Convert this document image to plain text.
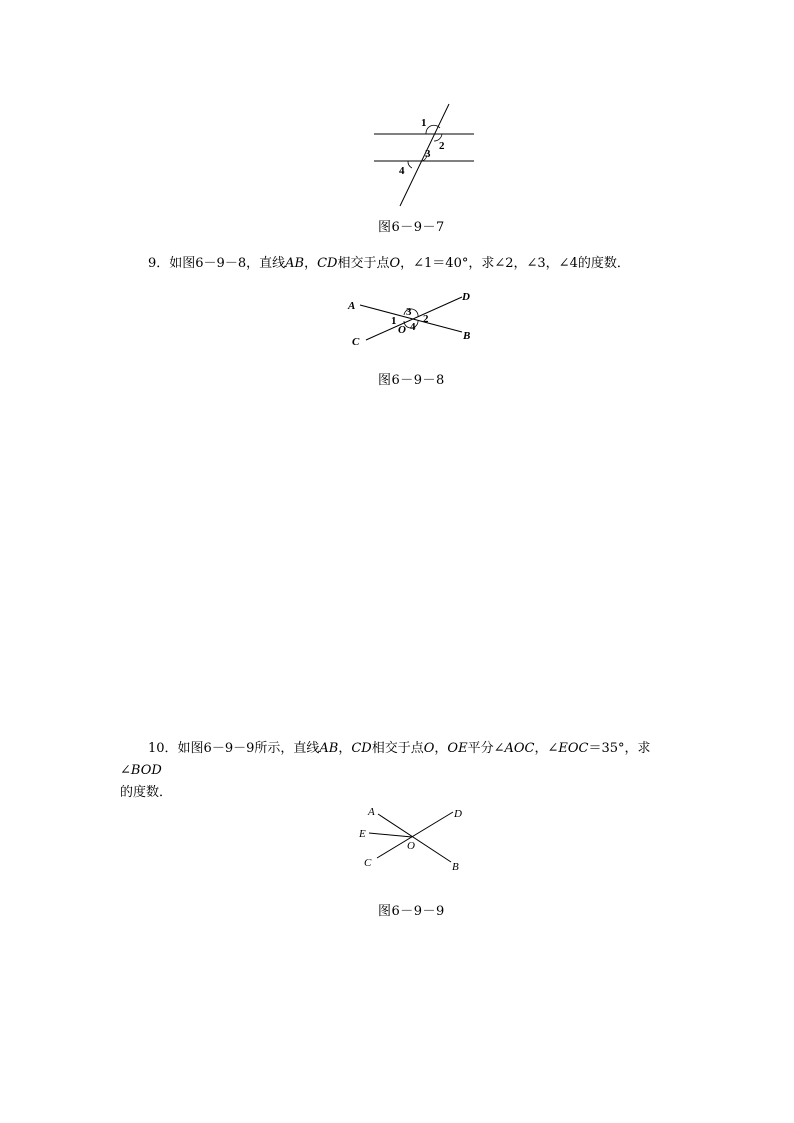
1
2
3
4
图6－9－7
9．如图6－9－8，直线AB，CD相交于点O，∠1＝40°，求∠2，∠3，∠4的度数．
A
D
C	B
O
1 2
3
4
图6－9－8
10．如图6－9－9所示，直线AB，CD相交于点O，OE平分∠AOC，∠EOC＝35°，求∠BOD
的度数．
A	D
E
C	B
O
图6－9－9
